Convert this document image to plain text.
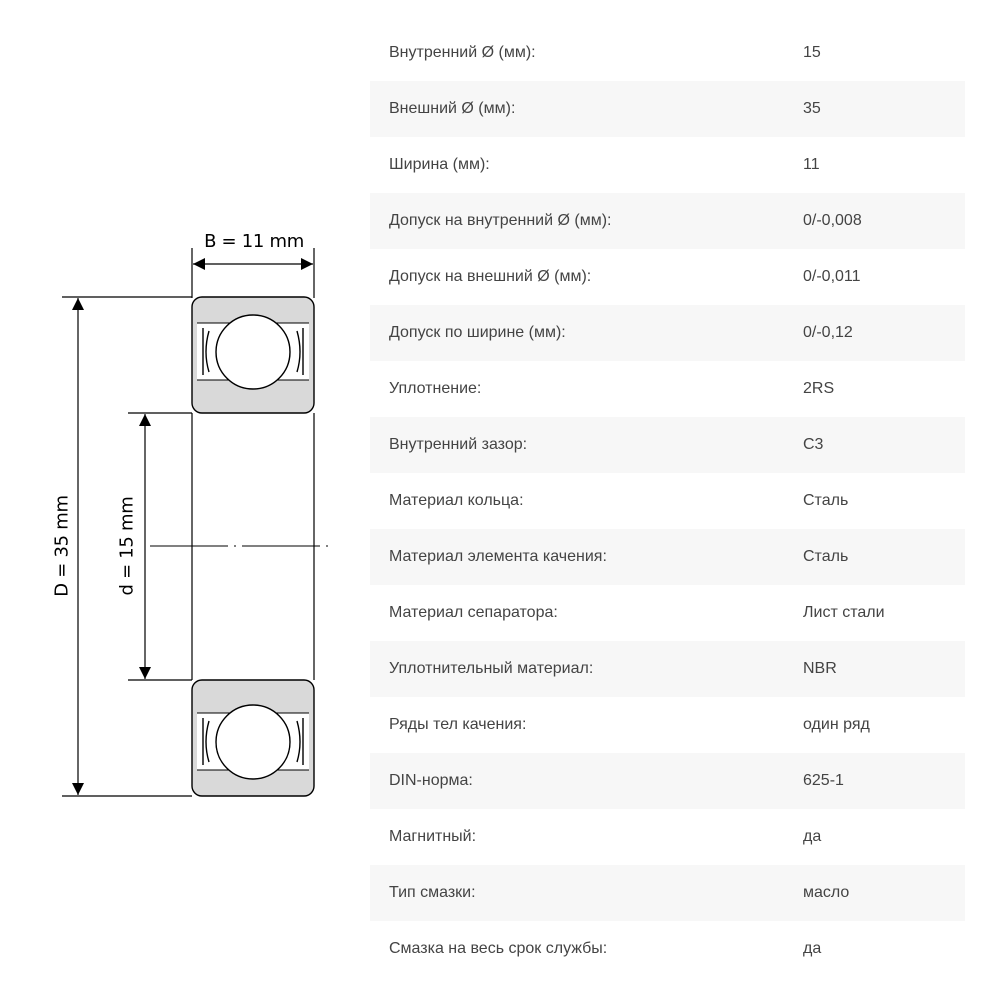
B = 11 mm
D = 35 mm d = 15 mm
Внутренний Ø (мм):	15
Внешний Ø (мм):	35
Ширина (мм):	11
Допуск на внутренний Ø (мм):	0/-0,008
Допуск на внешний Ø (мм):	0/-0,011
Допуск по ширине (мм):	0/-0,12
Уплотнение:	2RS
Внутренний зазор:	C3
Материал кольца:	Сталь
Материал элемента качения:	Сталь
Материал сепаратора:	Лист стали
Уплотнительный материал:	NBR
Ряды тел качения:	один ряд
DIN-норма:	625-1
Магнитный:	да
Тип смазки:	масло
Смазка на весь срок службы:	да
